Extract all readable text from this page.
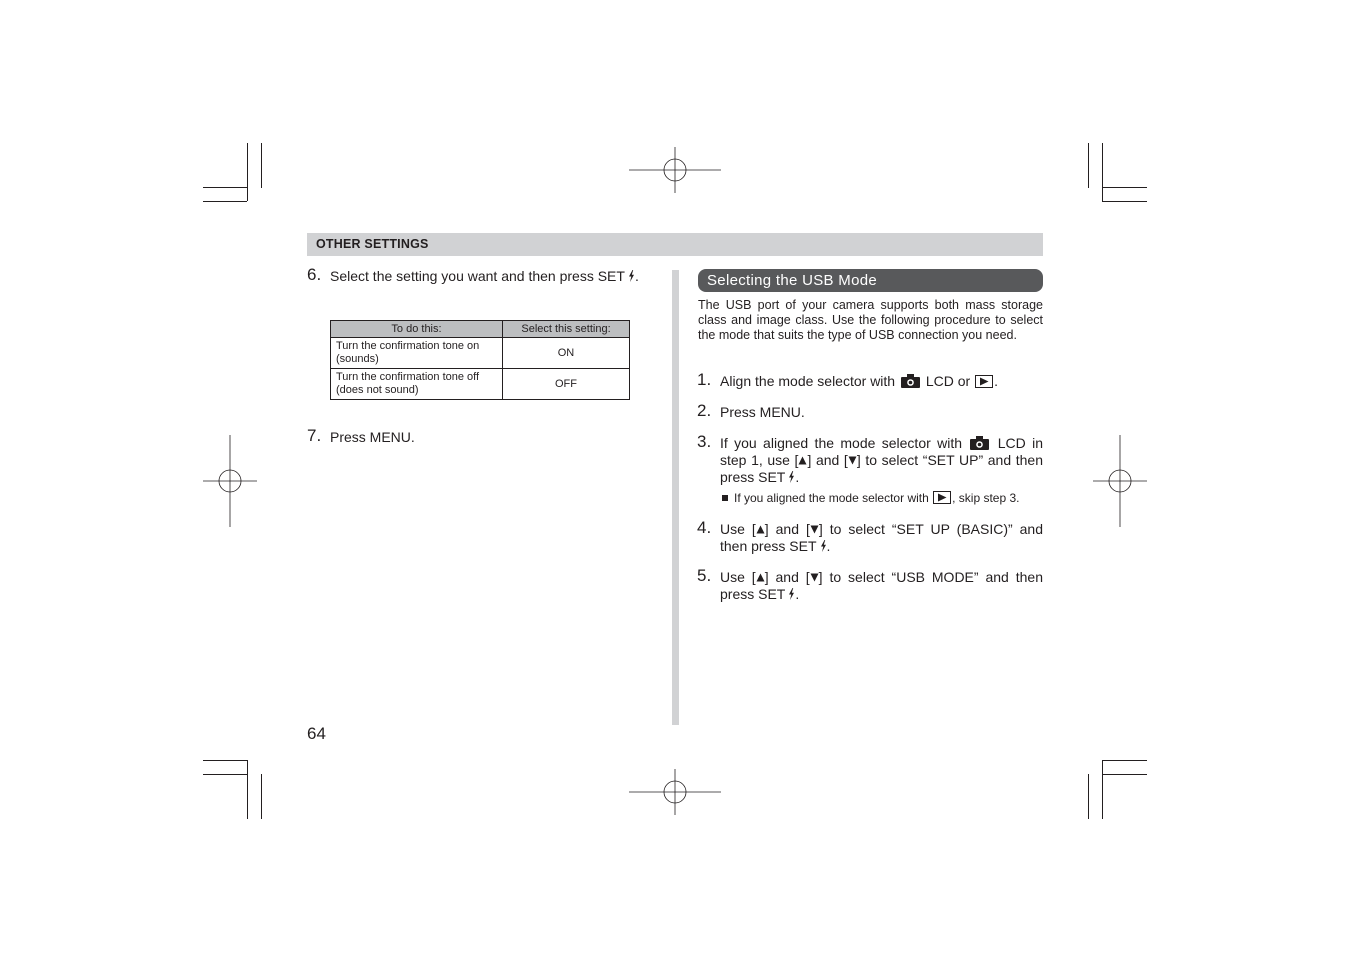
OTHER SETTINGS
6. Select the setting you want and then press SET .
To do this:	Select this setting:
Turn the confirmation tone on (sounds)	ON
Turn the confirmation tone off (does not sound)	OFF
7. Press MENU.
Selecting the USB Mode
The USB port of your camera supports both mass storage class and image class. Use the following procedure to select the mode that suits the type of USB connection you need.
1. Align the mode selector with LCD or .
2. Press MENU.
3. If you aligned the mode selector with	LCD in step 1, use [ ] and [ ] to select “SET UP” and then press SET .
If you aligned the mode selector with , skip step 3.
4. Use [ ] and [ ] to select “SET UP (BASIC)” and then press SET .
5. Use [ ] and [ ] to select “USB MODE” and then press SET .
64
